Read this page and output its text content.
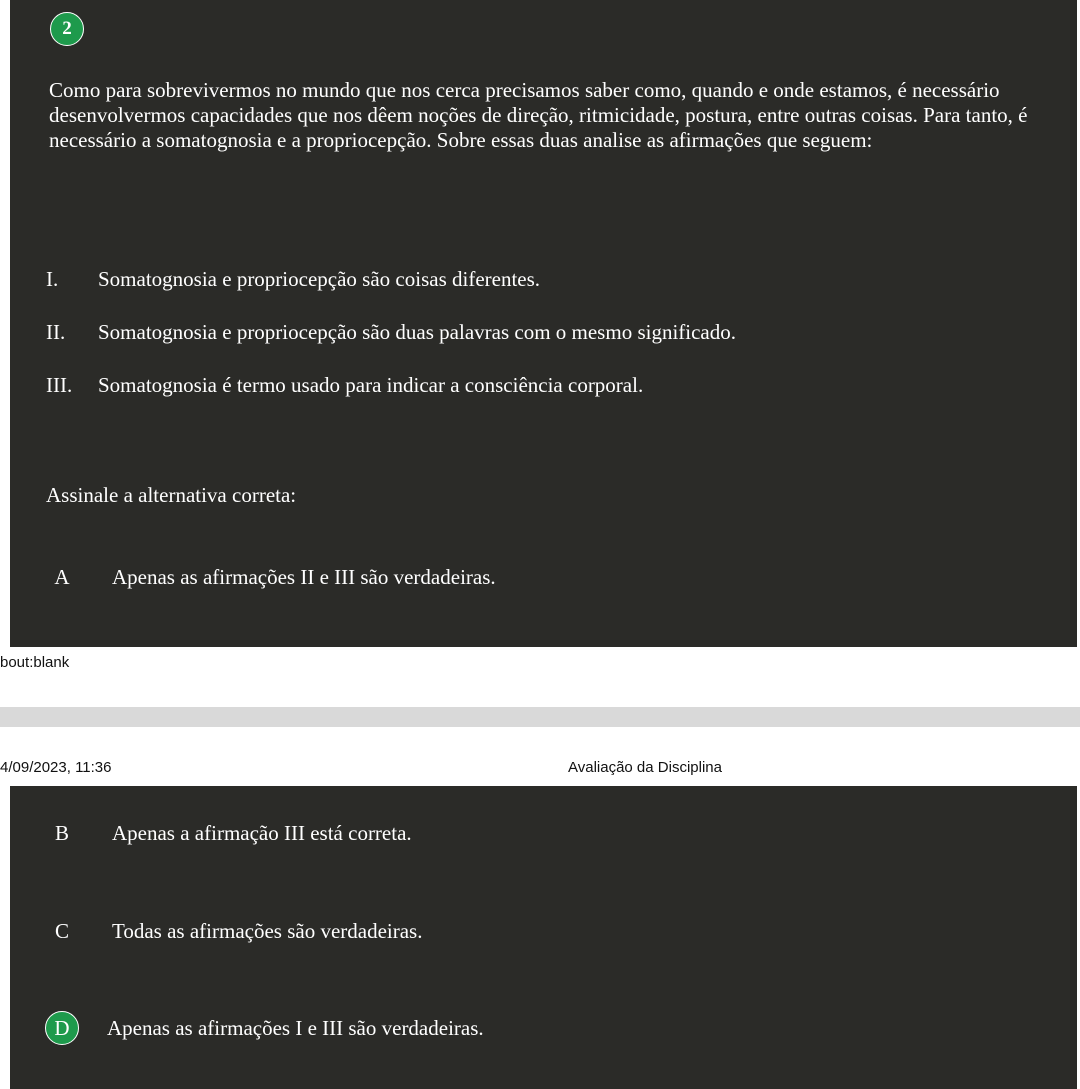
2
Como para sobrevivermos no mundo que nos cerca precisamos saber como, quando e onde estamos, é necessário desenvolvermos capacidades que nos dêem noções de direção, ritmicidade, postura, entre outras coisas. Para tanto, é necessário a somatognosia e a propriocepção. Sobre essas duas analise as afirmações que seguem:
I.	Somatognosia e propriocepção são coisas diferentes.
II.	Somatognosia e propriocepção são duas palavras com o mesmo significado.
III.	Somatognosia é termo usado para indicar a consciência corporal.
Assinale a alternativa correta:
A Apenas as afirmações II e III são verdadeiras.
bout:blank
4/09/2023, 11:36	Avaliação da Disciplina
B Apenas a afirmação III está correta.
C Todas as afirmações são verdadeiras.
D	Apenas as afirmações I e III são verdadeiras.
